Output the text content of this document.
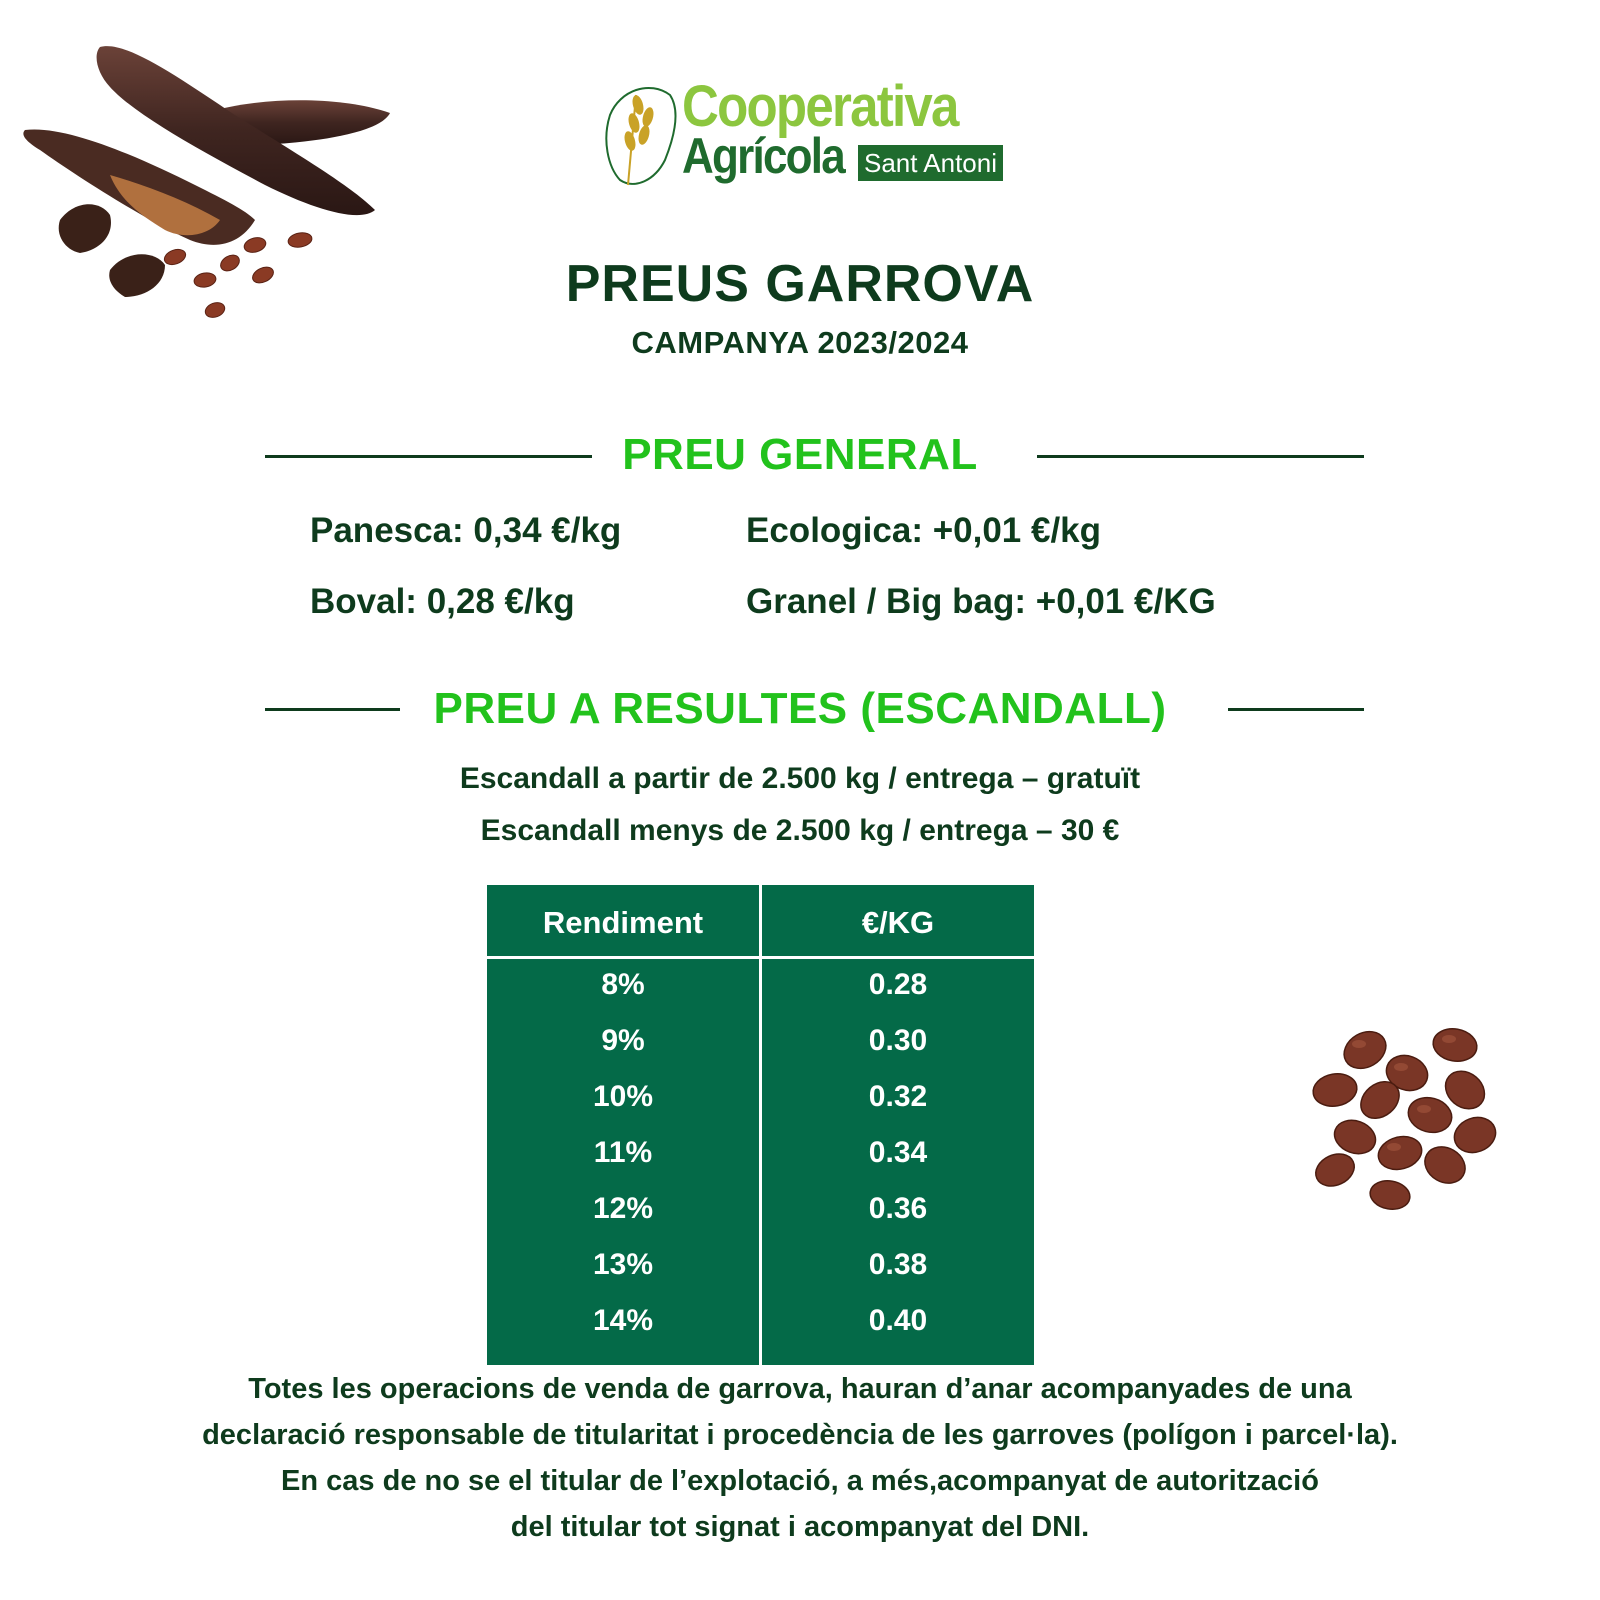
Cooperativa
Agrícola Sant Antoni
PREUS GARROVA
CAMPANYA 2023/2024
PREU GENERAL
Panesca: 0,34 €/kg	Ecologica: +0,01 €/kg
Boval: 0,28 €/kg	Granel / Big bag: +0,01 €/KG
PREU A RESULTES (ESCANDALL)
Escandall a partir de 2.500 kg / entrega – gratuït
Escandall menys de 2.500 kg / entrega – 30 €
Rendiment	€/KG
8%	0.28
9%	0.30
10%	0.32
11%	0.34
12%	0.36
13%	0.38
14%	0.40
Totes les operacions de venda de garrova, hauran d’anar acompanyades de una
declaració responsable de titularitat i procedència de les garroves (polígon i parcel·la).
En cas de no se el titular de l’explotació, a més,acompanyat de autorització
del titular tot signat i acompanyat del DNI.
